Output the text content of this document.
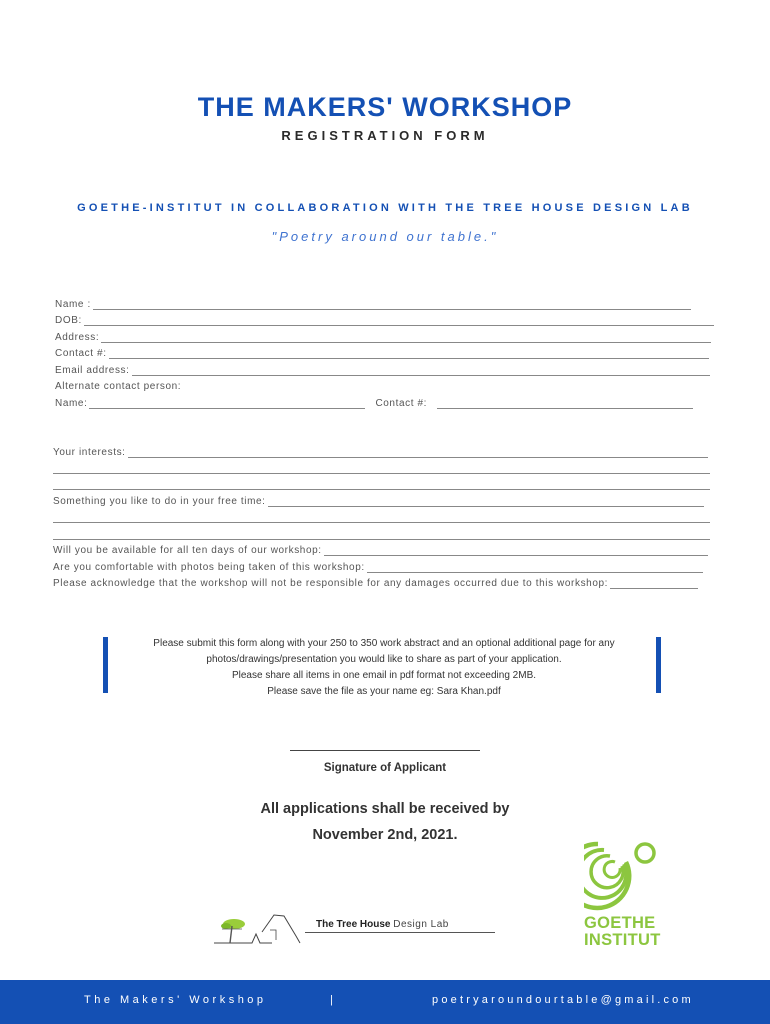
THE MAKERS' WORKSHOP
REGISTRATION FORM
GOETHE-INSTITUT IN COLLABORATION WITH THE TREE HOUSE DESIGN LAB
"Poetry around our table."
Name :
DOB:
Address:
Contact #:
Email address:
Alternate contact person:
Name:	Contact #:
Your interests:
Something you like to do in your free time:
Will you be available for all ten days of our workshop:
Are you comfortable with photos being taken of this workshop:
Please acknowledge that the workshop will not be responsible for any damages occurred due to this workshop:
Please submit this form along with your 250 to 350 work abstract and an optional additional page for any
photos/drawings/presentation you would like to share as part of your application.
Please share all items in one email in pdf format not exceeding 2MB.
Please save the file as your name eg: Sara Khan.pdf
Signature of Applicant
All applications shall be received by
November 2nd, 2021.
The Tree House Design Lab	GOETHE
INSTITUT
The Makers' Workshop	|	poetryaroundourtable@gmail.com
